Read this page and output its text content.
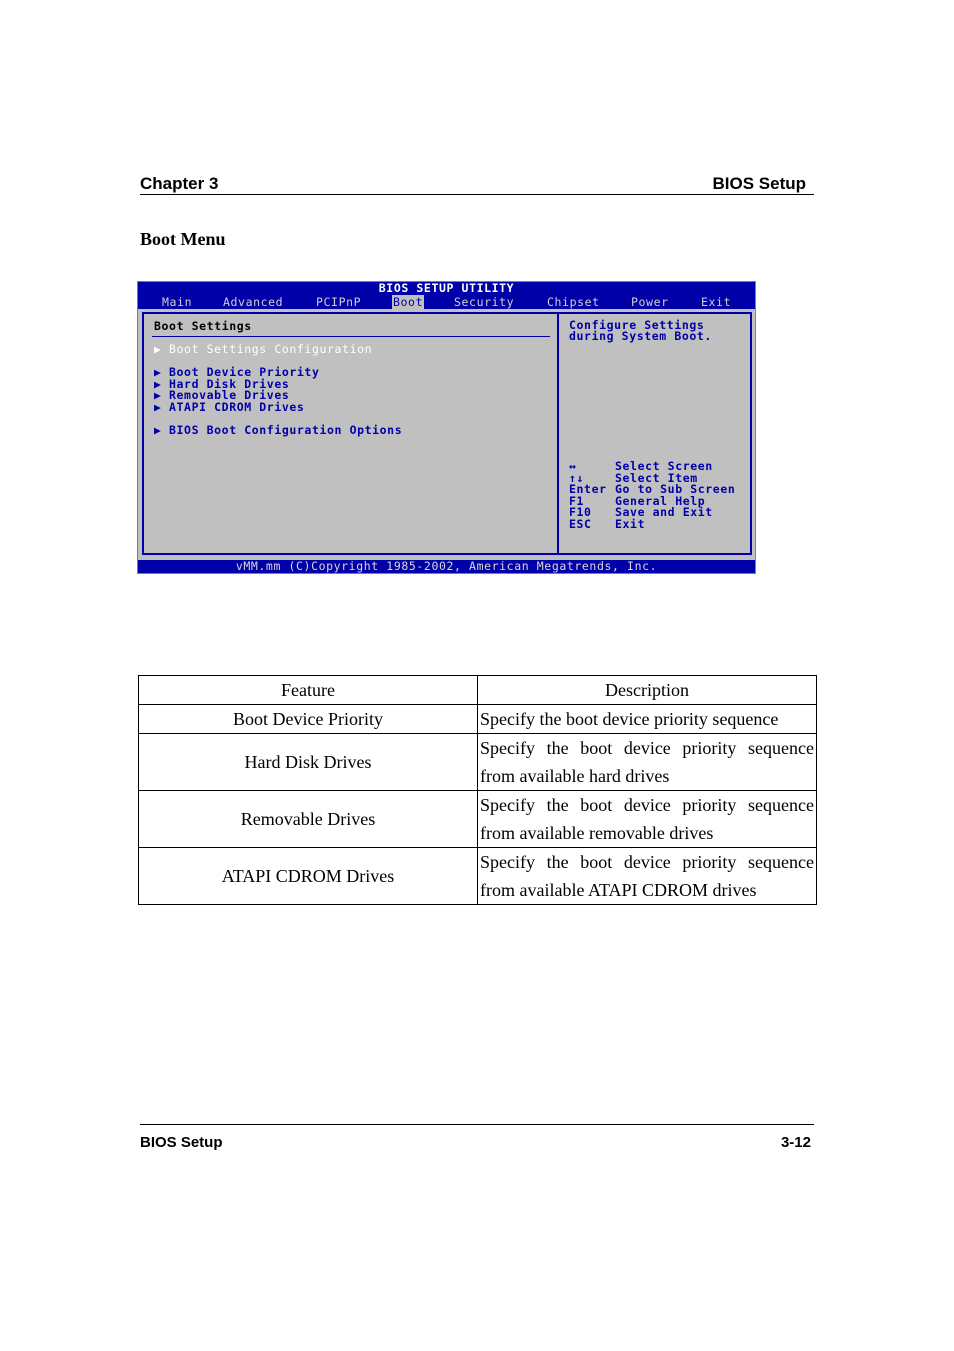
Chapter 3	BIOS Setup
Boot Menu
BIOS SETUP UTILITY
Main	Advanced	PCIPnP	Boot	Security	Chipset	Power	Exit
Boot Settings
▶ Boot Settings Configuration
▶ Boot Device Priority
▶ Hard Disk Drives
▶ Removable Drives
▶ ATAPI CDROM Drives
▶ BIOS Boot Configuration Options
Configure Settings
during System Boot.
↔	Select Screen
↑↓	Select Item
Enter Go to Sub Screen
F1	General Help
F10 Save and Exit
ESC Exit
vMM.mm (C)Copyright 1985-2002, American Megatrends, Inc.
Feature	Description
Boot Device Priority	Specify the boot device priority sequence
Hard Disk Drives	Specify the boot device priority sequence from available hard drives
Removable Drives	Specify the boot device priority sequence from available removable drives
ATAPI CDROM Drives	Specify the boot device priority sequence from available ATAPI CDROM drives
BIOS Setup	3-12
